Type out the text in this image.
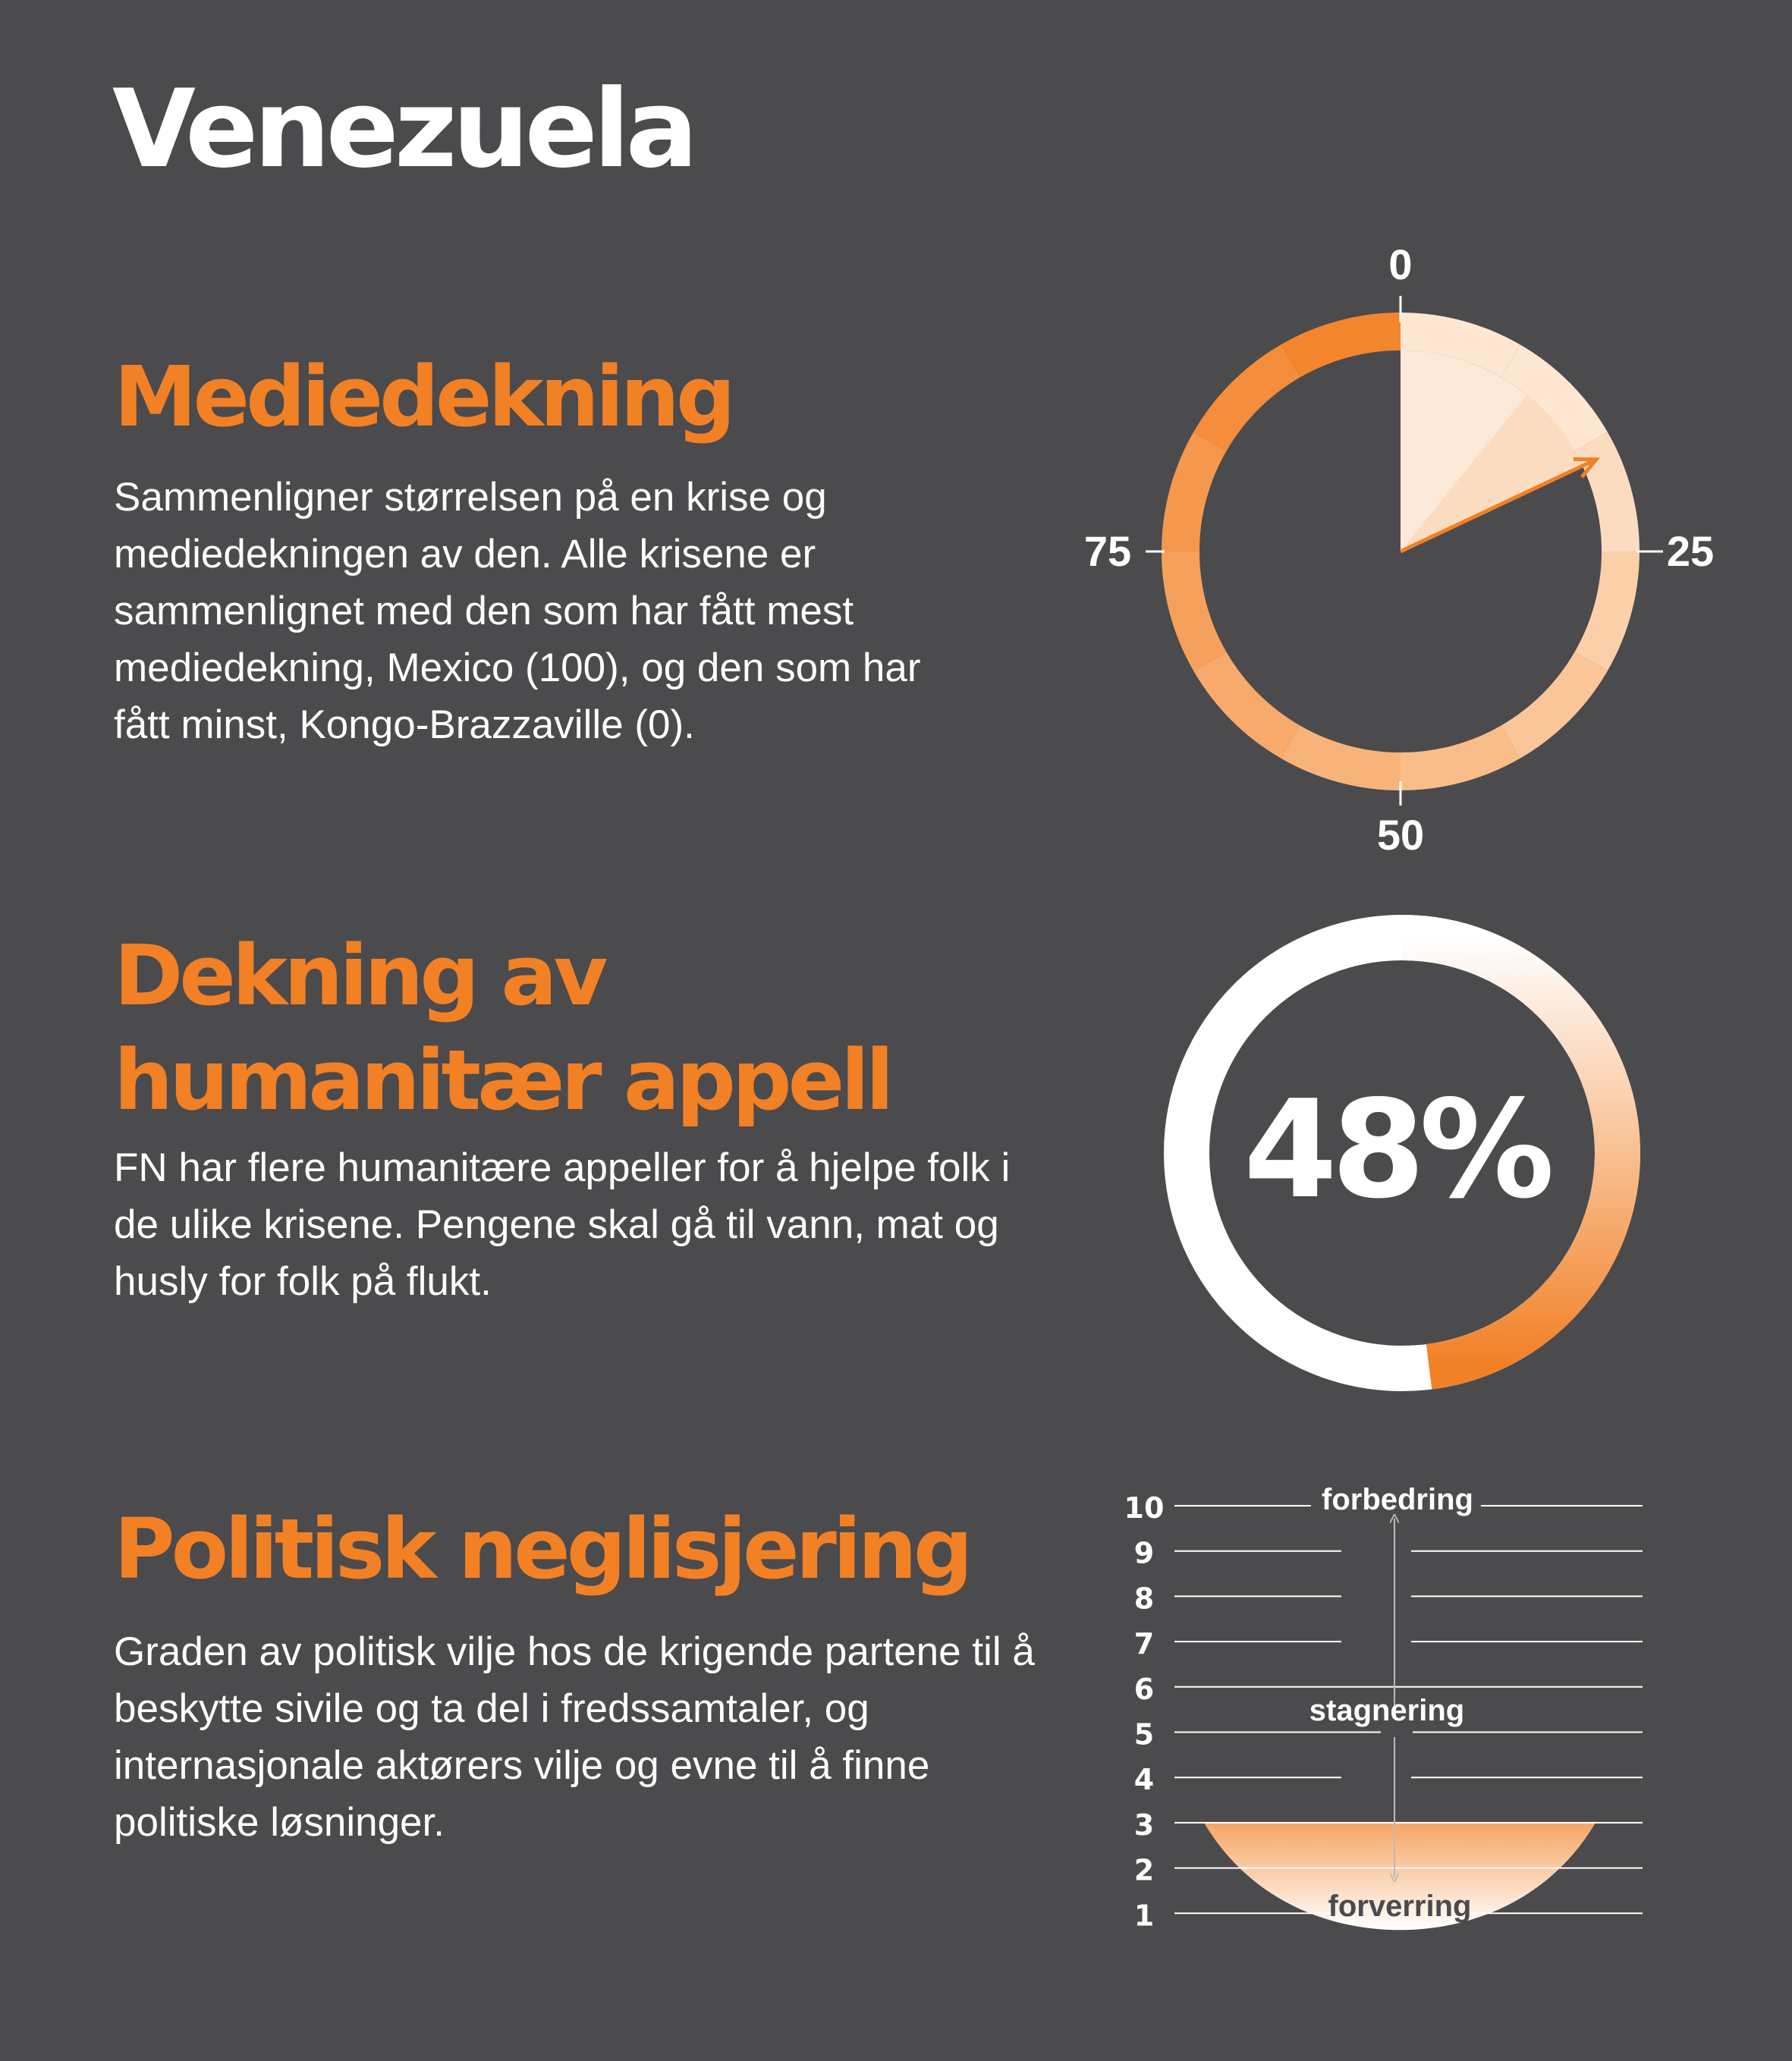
Venezuela
Mediedekning

Sammenligner størrelsen på en krise og mediedekningen av den. Alle krisene er sammenlignet med den som har fått mest mediedekning, Mexico (100), og den som har fått minst, Kongo-Brazzaville (0).

0
25
50
75
Dekning av
humanitær appell

FN har flere humanitære appeller for å hjelpe folk i de ulike krisene. Pengene skal gå til vann, mat og husly for folk på flukt.

48%
Politisk neglisjering

Graden av politisk vilje hos de krigende partene til å beskytte sivile og ta del i fredssamtaler, og internasjonale aktørers vilje og evne til å finne politiske løsninger.

10
9
8
7
6
5
4
3
2
1
forbedring
stagnering
forverring
